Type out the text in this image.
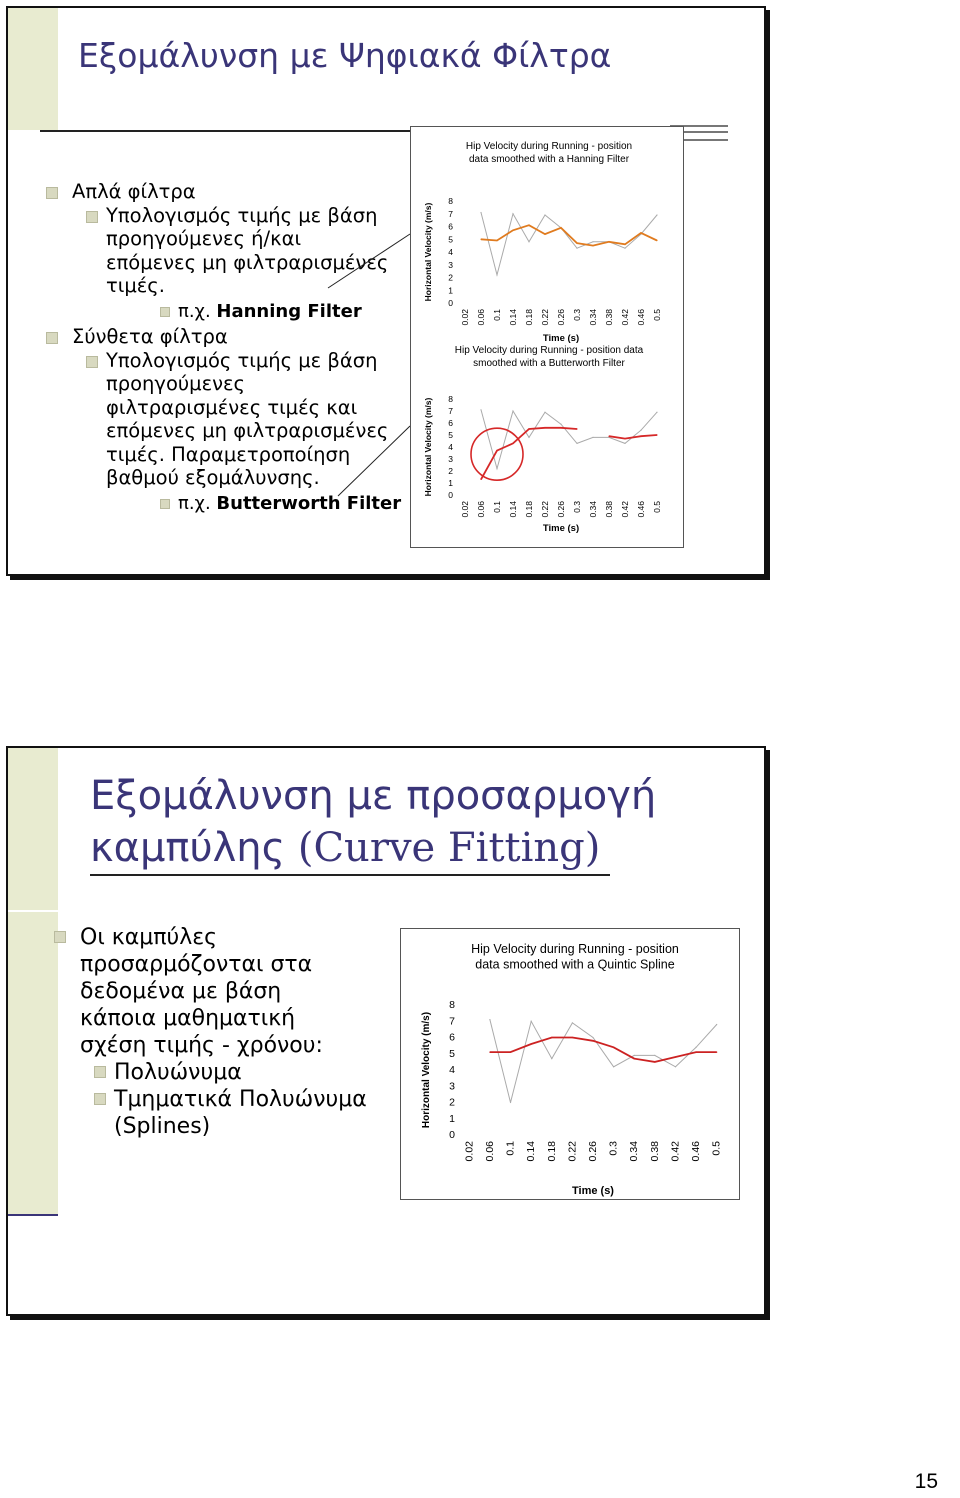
Εξομάλυνση με Ψηφιακά Φίλτρα
Απλά φίλτρα
Υπολογισμός τιμής με βάση
προηγούμενες ή/και
επόμενες μη φιλτραρισμένες
τιμές.
π.χ. Hanning Filter
Σύνθετα φίλτρα
Υπολογισμός τιμής με βάση
προηγούμενες
φιλτραρισμένες τιμές και
επόμενες μη φιλτραρισμένες
τιμές. Παραμετροποίηση
βαθμού εξομάλυνσης.
π.χ. Butterworth Filter
Hip Velocity during Running - position data smoothed with a Hanning Filter
0
1
2
3
4
5
6
7
8
Horizontal Velocity (m/s)
0.02 0.06 0.1 0.14 0.18 0.22 0.26 0.3 0.34 0.38 0.42 0.46 0.5
Time (s)
Hip Velocity during Running - position data smoothed with a Butterworth Filter
0
1
2
3
4
5
6
7
8
Horizontal Velocity (m/s)
0.02 0.06 0.1 0.14 0.18 0.22 0.26 0.3 0.34 0.38 0.42 0.46 0.5
Time (s)
Εξομάλυνση με προσαρμογή
καμπύλης (Curve Fitting)
Οι καμπύλες
προσαρμόζονται στα
δεδομένα με βάση
κάποια μαθηματική
σχέση τιμής - χρόνου:
Πολυώνυμα
Τμηματικά Πολυώνυμα
(Splines)
Hip Velocity during Running - position data smoothed with a Quintic Spline
0
1
2
3
4
5
6
7
8
Horizontal Velocity (m/s)
0.02 0.06 0.1 0.14 0.18 0.22 0.26 0.3 0.34 0.38 0.42 0.46 0.5
Time (s)
15
